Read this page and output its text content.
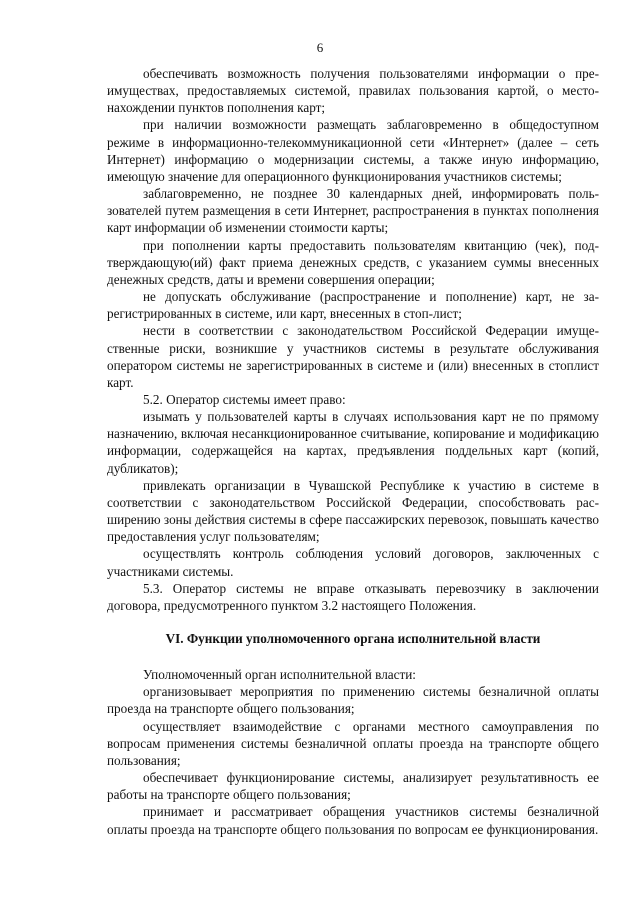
6

обеспечивать возможность получения пользователями информации о преимуществах, предоставляемых системой, правилах пользования картой, о местонахождении пунктов пополнения карт;

при наличии возможности размещать заблаговременно в общедоступном режиме в информационно-телекоммуникационной сети «Интернет» (далее – сеть Интернет) информацию о модернизации системы, а также иную информацию, имеющую значение для операционного функционирования участников системы;

заблаговременно, не позднее 30 календарных дней, информировать пользователей путем размещения в сети Интернет, распространения в пунктах пополнения карт информации об изменении стоимости карты;

при пополнении карты предоставить пользователям квитанцию (чек), подтверждающую(ий) факт приема денежных средств, с указанием суммы внесенных денежных средств, даты и времени совершения операции;

не допускать обслуживание (распространение и пополнение) карт, не зарегистрированных в системе, или карт, внесенных в стоп-лист;

нести в соответствии с законодательством Российской Федерации имущественные риски, возникшие у участников системы в результате обслуживания оператором системы не зарегистрированных в системе и (или) внесенных в стоплист карт.

5.2. Оператор системы имеет право:

изымать у пользователей карты в случаях использования карт не по прямому назначению, включая несанкционированное считывание, копирование и модификацию информации, содержащейся на картах, предъявления поддельных карт (копий, дубликатов);

привлекать организации в Чувашской Республике к участию в системе в соответствии с законодательством Российской Федерации, способствовать расширению зоны действия системы в сфере пассажирских перевозок, повышать качество предоставления услуг пользователям;

осуществлять контроль соблюдения условий договоров, заключенных с участниками системы.

5.3. Оператор системы не вправе отказывать перевозчику в заключении договора, предусмотренного пунктом 3.2 настоящего Положения.

VI. Функции уполномоченного органа исполнительной власти

Уполномоченный орган исполнительной власти:

организовывает мероприятия по применению системы безналичной оплаты проезда на транспорте общего пользования;

осуществляет взаимодействие с органами местного самоуправления по вопросам применения системы безналичной оплаты проезда на транспорте общего пользования;

обеспечивает функционирование системы, анализирует результативность ее работы на транспорте общего пользования;

принимает и рассматривает обращения участников системы безналичной оплаты проезда на транспорте общего пользования по вопросам ее функционирования.
